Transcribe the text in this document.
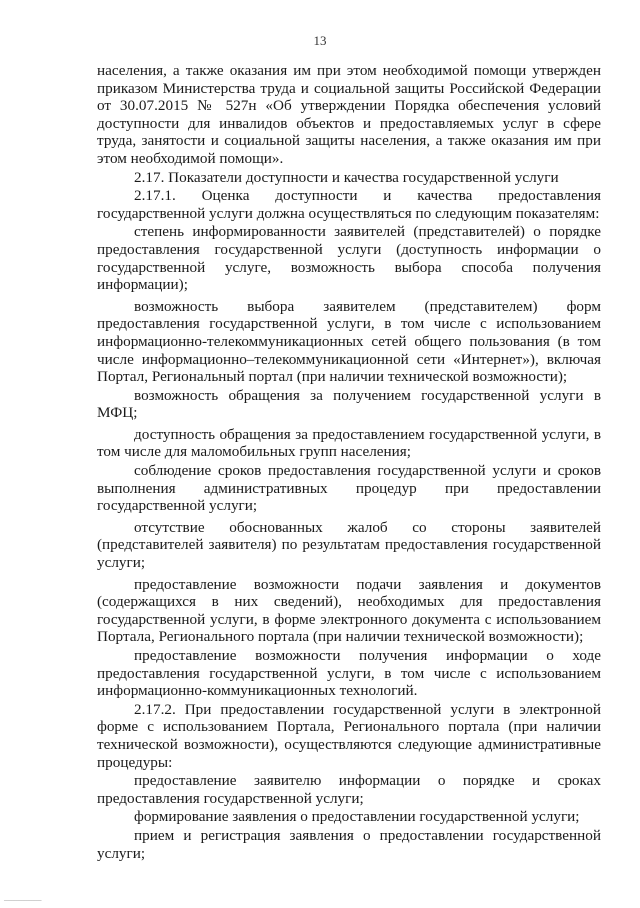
13

населения, а также оказания им при этом необходимой помощи утвержден приказом Министерства труда и социальной защиты Российской Федерации от 30.07.2015 № 527н «Об утверждении Порядка обеспечения условий доступности для инвалидов объектов и предоставляемых услуг в сфере труда, занятости и социальной защиты населения, а также оказания им при этом необходимой помощи».

2.17. Показатели доступности и качества государственной услуги

2.17.1. Оценка доступности и качества предоставления государственной услуги должна осуществляться по следующим показателям:

степень информированности заявителей (представителей) о порядке предоставления государственной услуги (доступность информации о государственной услуге, возможность выбора способа получения информации);

возможность выбора заявителем (представителем) форм предоставления государственной услуги, в том числе с использованием информационно-телекоммуникационных сетей общего пользования (в том числе информационно–телекоммуникационной сети «Интернет»), включая Портал, Региональный портал (при наличии технической возможности);

возможность обращения за получением государственной услуги в МФЦ;

доступность обращения за предоставлением государственной услуги, в том числе для маломобильных групп населения;

соблюдение сроков предоставления государственной услуги и сроков выполнения административных процедур при предоставлении государственной услуги;

отсутствие обоснованных жалоб со стороны заявителей (представителей заявителя) по результатам предоставления государственной услуги;

предоставление возможности подачи заявления и документов (содержащихся в них сведений), необходимых для предоставления государственной услуги, в форме электронного документа с использованием Портала, Регионального портала (при наличии технической возможности);

предоставление возможности получения информации о ходе предоставления государственной услуги, в том числе с использованием информационно-коммуникационных технологий.

2.17.2. При предоставлении государственной услуги в электронной форме с использованием Портала, Регионального портала (при наличии технической возможности), осуществляются следующие административные процедуры:

предоставление заявителю информации о порядке и сроках предоставления государственной услуги;

формирование заявления о предоставлении государственной услуги;

прием и регистрация заявления о предоставлении государственной услуги;

_______________
